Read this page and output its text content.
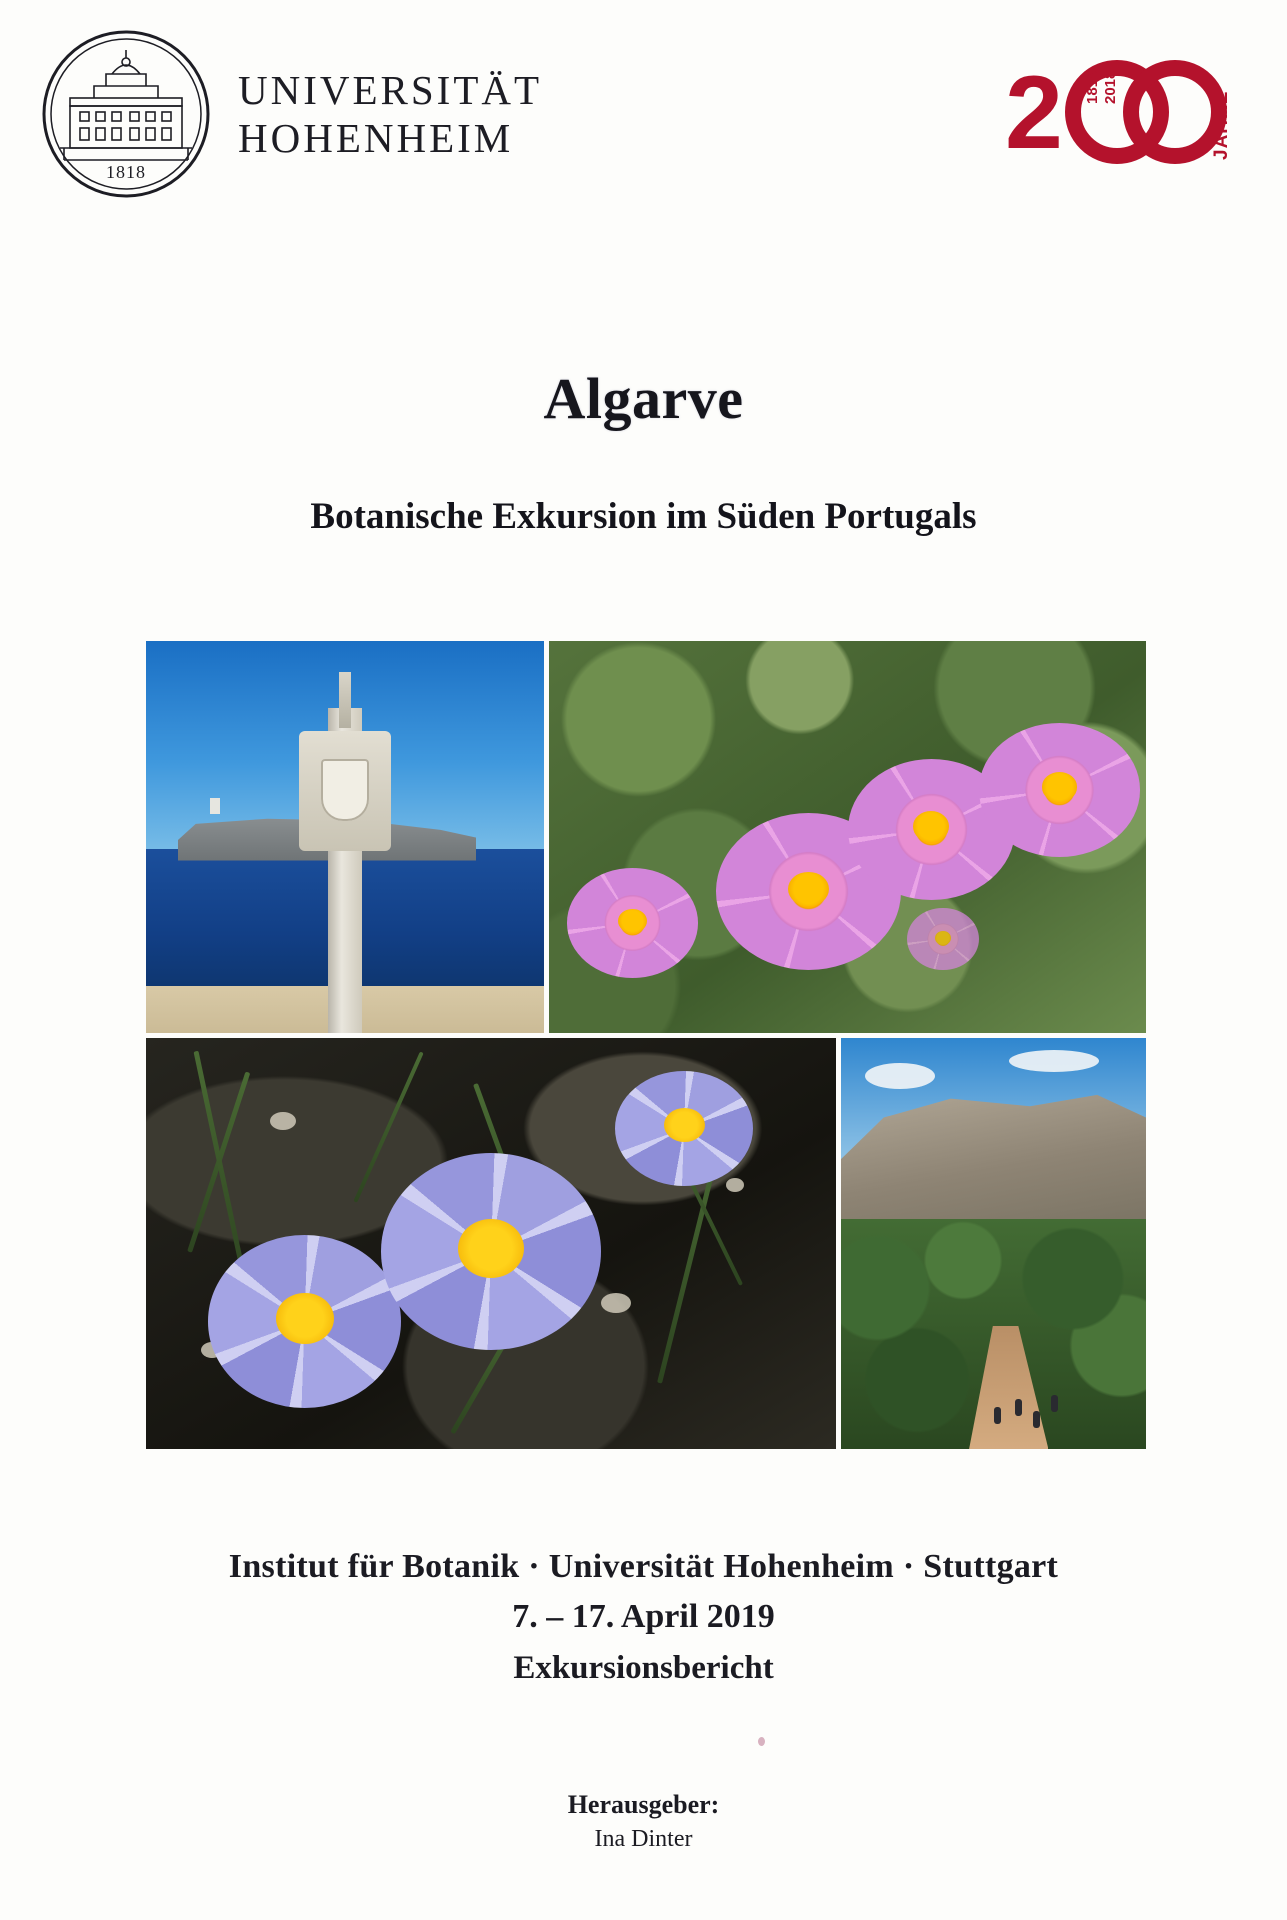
1818
UNIVERSITÄT
HOHENHEIM	2 1818 2018
JAHRE
Algarve
Botanische Exkursion im Süden Portugals
Institut für Botanik · Universität Hohenheim · Stuttgart
7. – 17. April 2019
Exkursionsbericht
Herausgeber:
Ina Dinter
